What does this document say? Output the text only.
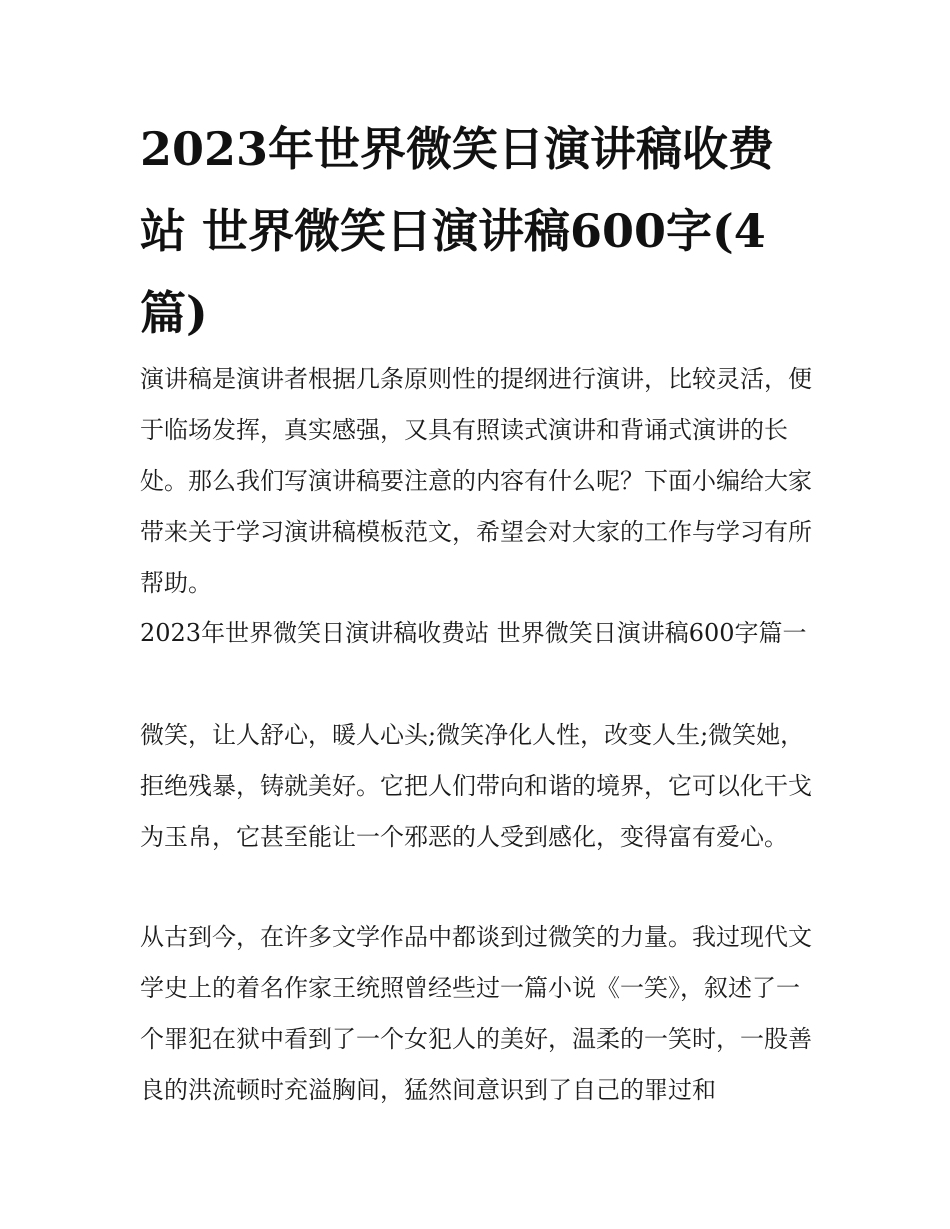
2023年世界微笑日演讲稿收费站 世界微笑日演讲稿600字(4篇)

演讲稿是演讲者根据几条原则性的提纲进行演讲，比较灵活，便于临场发挥，真实感强，又具有照读式演讲和背诵式演讲的长处。那么我们写演讲稿要注意的内容有什么呢？下面小编给大家带来关于学习演讲稿模板范文，希望会对大家的工作与学习有所帮助。

2023年世界微笑日演讲稿收费站 世界微笑日演讲稿600字篇一

微笑，让人舒心，暖人心头;微笑净化人性，改变人生;微笑她，拒绝残暴，铸就美好。它把人们带向和谐的境界，它可以化干戈为玉帛，它甚至能让一个邪恶的人受到感化，变得富有爱心。

从古到今，在许多文学作品中都谈到过微笑的力量。我过现代文学史上的着名作家王统照曾经些过一篇小说《一笑》，叙述了一个罪犯在狱中看到了一个女犯人的美好，温柔的一笑时，一股善良的洪流顿时充溢胸间，猛然间意识到了自己的罪过和
